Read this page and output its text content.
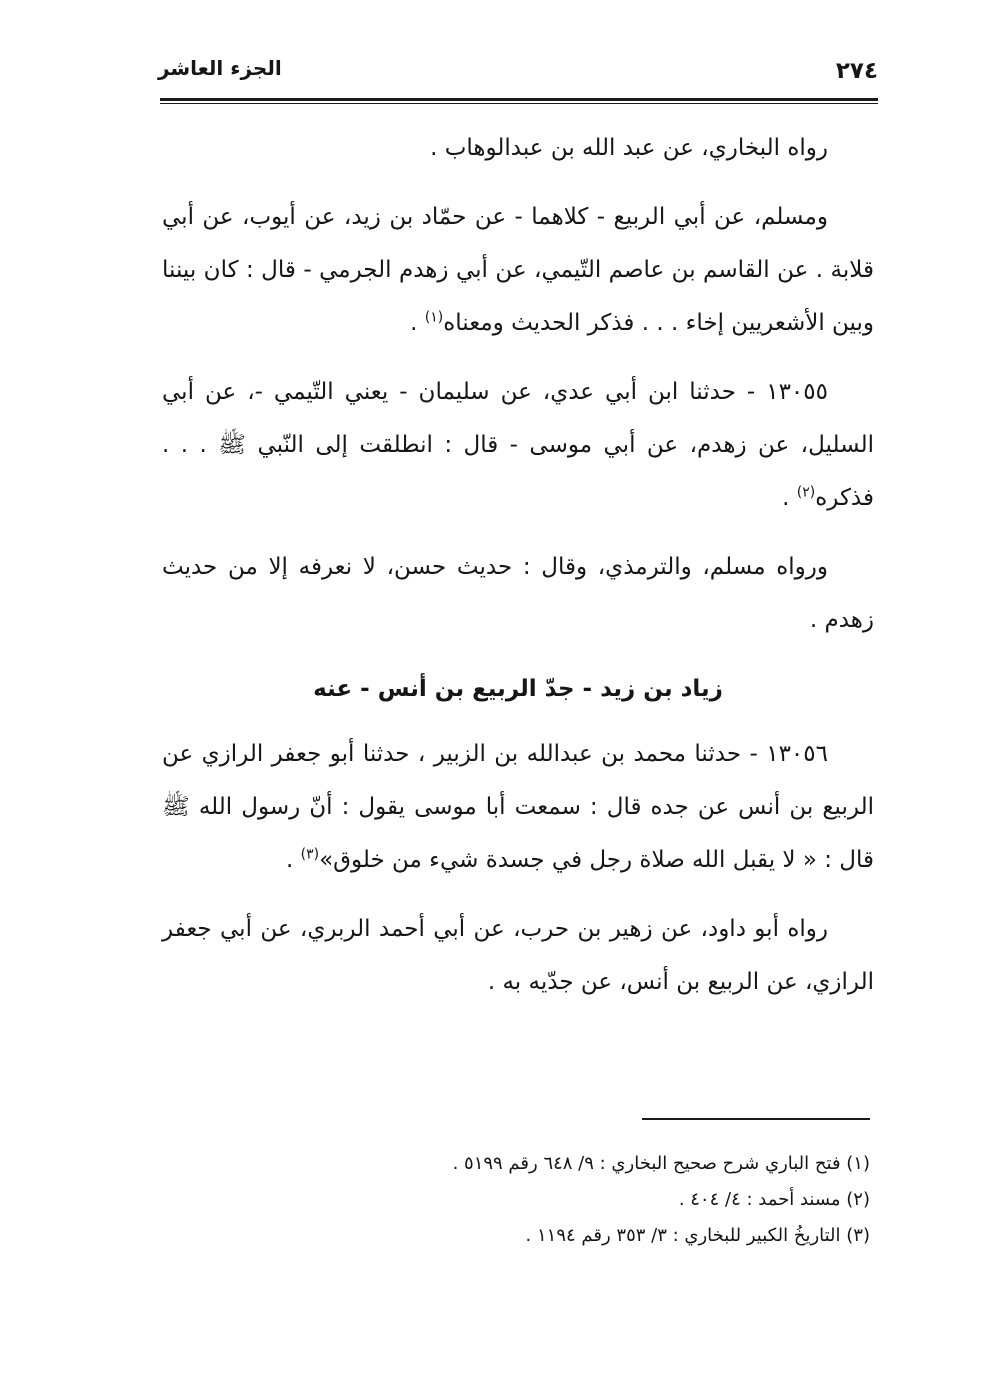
الجزء العاشر	٢٧٤

رواه البخاري، عن عبد الله بن عبدالوهاب .

ومسلم، عن أبي الربيع - كلاهما - عن حمّاد بن زيد، عن أيوب، عن أبي قلابة . عن القاسم بن عاصم التّيمي، عن أبي زهدم الجرمي - قال : كان بيننا وبين الأشعريين إخاء . . . فذكر الحديث ومعناه$^{(١)}$ .

١٣٠٥٥ - حدثنا ابن أبي عدي، عن سليمان - يعني التّيمي -، عن أبي السليل، عن زهدم، عن أبي موسى - قال : انطلقت إلى النّبي ﷺ . . . فذكره$^{(٢)}$ .

ورواه مسلم، والترمذي، وقال : حديث حسن، لا نعرفه إلا من حديث زهدم .

زياد بن زيد - جدّ الربيع بن أنس - عنه

١٣٠٥٦ - حدثنا محمد بن عبدالله بن الزبير ، حدثنا أبو جعفر الرازي عن الربيع بن أنس عن جده قال : سمعت أبا موسى يقول : أنّ رسول الله ﷺ قال : « لا يقبل الله صلاة رجل في جسدة شيء من خلوق»$^{(٣)}$ .

رواه أبو داود، عن زهير بن حرب، عن أبي أحمد الربري، عن أبي جعفر الرازي، عن الربيع بن أنس، عن جدّيه به .

(١) فتح الباري شرح صحيح البخاري : ٩/ ٦٤٨ رقم ٥١٩٩ .
(٢) مسند أحمد : ٤/ ٤٠٤ .
(٣) التاريخُ الكبير للبخاري : ٣/ ٣٥٣ رقم ١١٩٤ .
